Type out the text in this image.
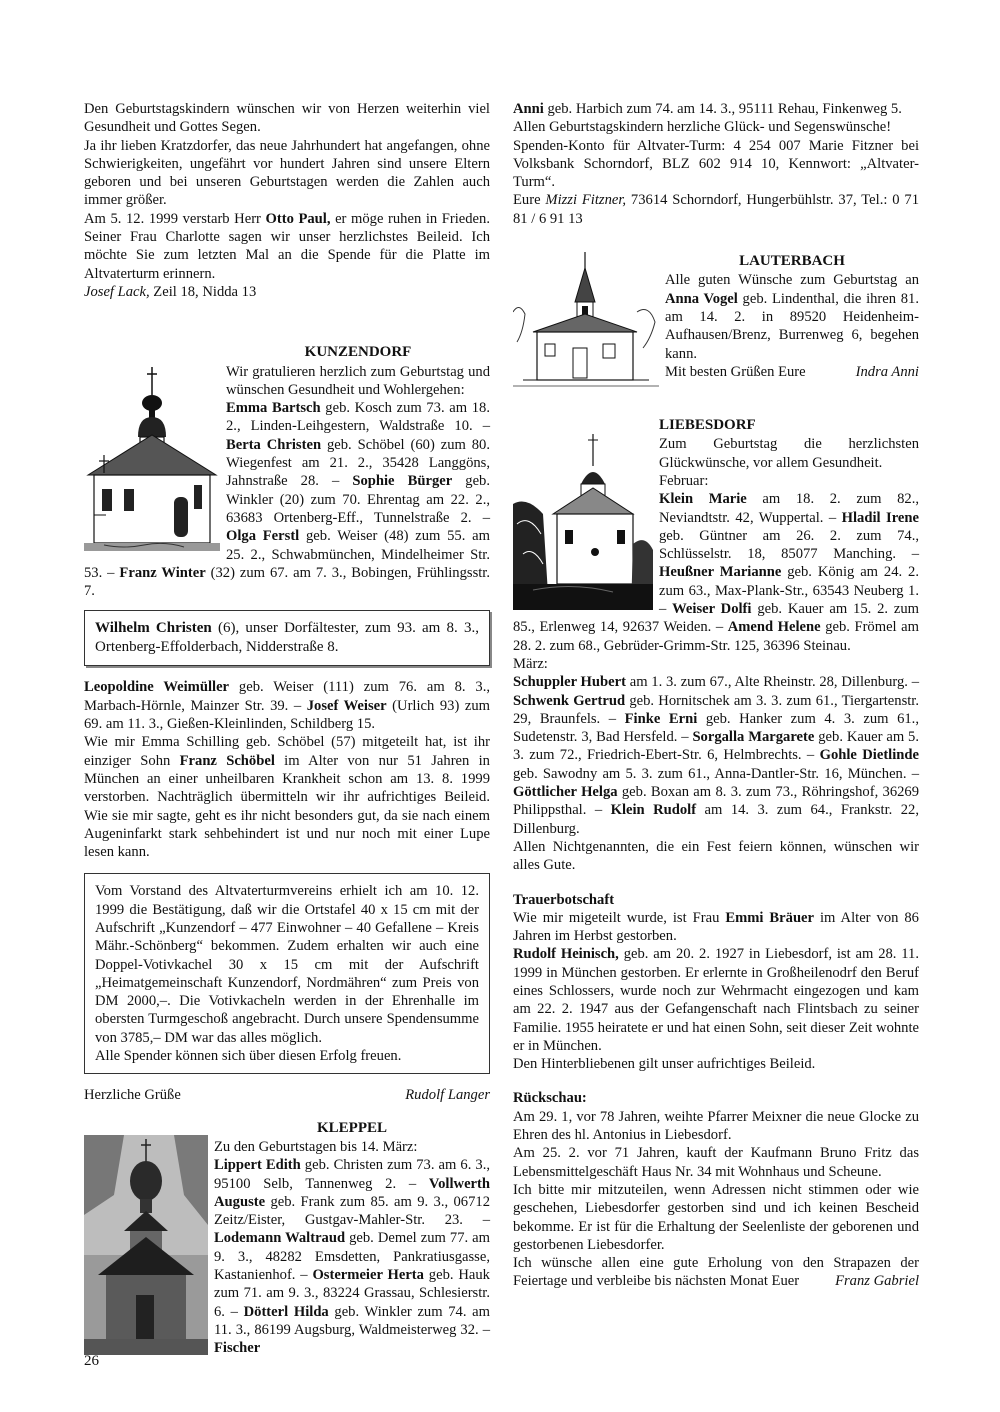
Den Geburtstagskindern wünschen wir von Herzen weiterhin viel Gesundheit und Gottes Segen.

Ja ihr lieben Kratzdorfer, das neue Jahrhundert hat angefangen, ohne Schwierigkeiten, ungefährt vor hundert Jahren sind unsere Eltern geboren und bei unseren Geburtstagen werden die Zahlen auch immer größer.

Am 5. 12. 1999 verstarb Herr Otto Paul, er möge ruhen in Frieden. Seiner Frau Charlotte sagen wir unser herzlichstes Beileid. Ich möchte Sie zum letzten Mal an die Spende für die Platte im Altvaterturm erinnern.

Josef Lack, Zeil 18, Nidda 13

KUNZENDORF

Wir gratulieren herzlich zum Geburtstag und wünschen Gesundheit und Wohlergehen:

Emma Bartsch geb. Kosch zum 73. am 18. 2., Linden-Leihgestern, Waldstraße 10. – Berta Christen geb. Schöbel (60) zum 80. Wiegenfest am 21. 2., 35428 Langgöns, Jahnstraße 28. – Sophie Bürger geb. Winkler (20) zum 70. Ehrentag am 22. 2., 63683 Ortenberg-Eff., Tunnelstraße 2. – Olga Ferstl geb. Weiser (48) zum 55. am 25. 2., Schwabmünchen, Mindelheimer Str. 53. – Franz Winter (32) zum 67. am 7. 3., Bobingen, Frühlingsstr. 7.

Wilhelm Christen (6), unser Dorfältester, zum 93. am 8. 3., Ortenberg-Effolderbach, Nidderstraße 8.

Leopoldine Weimüller geb. Weiser (111) zum 76. am 8. 3., Marbach-Hörnle, Mainzer Str. 39. – Josef Weiser (Urlich 93) zum 69. am 11. 3., Gießen-Kleinlinden, Schildberg 15.

Wie mir Emma Schilling geb. Schöbel (57) mitgeteilt hat, ist ihr einziger Sohn Franz Schöbel im Alter von nur 51 Jahren in München an einer unheilbaren Krankheit schon am 13. 8. 1999 verstorben. Nachträglich übermitteln wir ihr aufrichtiges Beileid. Wie sie mir sagte, geht es ihr nicht besonders gut, da sie nach einem Augeninfarkt stark sehbehindert ist und nur noch mit einer Lupe lesen kann.

Vom Vorstand des Altvaterturmvereins erhielt ich am 10. 12. 1999 die Bestätigung, daß wir die Ortstafel 40 x 15 cm mit der Aufschrift „Kunzendorf – 477 Einwohner – 40 Gefallene – Kreis Mähr.-Schönberg“ bekommen. Zudem erhalten wir auch eine Doppel-Votivkachel 30 x 15 cm mit der Aufschrift „Heimatgemeinschaft Kunzendorf, Nordmähren“ zum Preis von DM 2000,–. Die Votivkacheln werden in der Ehrenhalle im obersten Turmgeschoß angebracht. Durch unsere Spendensumme von 3785,– DM war das alles möglich.

Alle Spender können sich über diesen Erfolg freuen.

Herzliche Grüße	Rudolf Langer

KLEPPEL

Zu den Geburtstagen bis 14. März:

Lippert Edith geb. Christen zum 73. am 6. 3., 95100 Selb, Tannenweg 2. – Vollwerth Auguste geb. Frank zum 85. am 9. 3., 06712 Zeitz/Eister, Gustgav-Mahler-Str. 23. – Lodemann Waltraud geb. Demel zum 77. am 9. 3., 48282 Emsdetten, Pankratiusgasse, Kastanienhof. – Ostermeier Herta geb. Hauk zum 71. am 9. 3., 83224 Grassau, Schlesierstr. 6. – Dötterl Hilda geb. Winkler zum 74. am 11. 3., 86199 Augsburg, Waldmeisterweg 32. – Fischer

Anni geb. Harbich zum 74. am 14. 3., 95111 Rehau, Finkenweg 5.

Allen Geburtstagskindern herzliche Glück- und Segenswünsche!

Spenden-Konto für Altvater-Turm: 4 254 007 Marie Fitzner bei Volksbank Schorndorf, BLZ 602 914 10, Kennwort: „Altvater-Turm“.

Eure Mizzi Fitzner, 73614 Schorndorf, Hungerbühlstr. 37, Tel.: 0 71 81 / 6 91 13

LAUTERBACH

Alle guten Wünsche zum Geburtstag an Anna Vogel geb. Lindenthal, die ihren 81. am 14. 2. in 89520 Heidenheim-Aufhausen/Brenz, Burrenweg 6, begehen kann.

Mit besten Grüßen Eure	Indra Anni

LIEBESDORF

Zum Geburtstag die herzlichsten Glückwünsche, vor allem Gesundheit.

Februar:

Klein Marie am 18. 2. zum 82., Neviandtstr. 42, Wuppertal. – Hladil Irene geb. Güntner am 26. 2. zum 74., Schlüsselstr. 18, 85077 Manching. – Heußner Marianne geb. König am 24. 2. zum 63., Max-Plank-Str., 63543 Neuberg 1. – Weiser Dolfi geb. Kauer am 15. 2. zum 85., Erlenweg 14, 92637 Weiden. – Amend Helene geb. Frömel am 28. 2. zum 68., Gebrüder-Grimm-Str. 125, 36396 Steinau.

März:

Schuppler Hubert am 1. 3. zum 67., Alte Rheinstr. 28, Dillenburg. – Schwenk Gertrud geb. Hornitschek am 3. 3. zum 61., Tiergartenstr. 29, Braunfels. – Finke Erni geb. Hanker zum 4. 3. zum 61., Sudetenstr. 3, Bad Hersfeld. – Sorgalla Margarete geb. Kauer am 5. 3. zum 72., Friedrich-Ebert-Str. 6, Helmbrechts. – Gohle Dietlinde geb. Sawodny am 5. 3. zum 61., Anna-Dantler-Str. 16, München. – Göttlicher Helga geb. Boxan am 8. 3. zum 73., Röhringshof, 36269 Philippsthal. – Klein Rudolf am 14. 3. zum 64., Frankstr. 22, Dillenburg.

Allen Nichtgenannten, die ein Fest feiern können, wünschen wir alles Gute.

Trauerbotschaft

Wie mir migeteilt wurde, ist Frau Emmi Bräuer im Alter von 86 Jahren im Herbst gestorben.

Rudolf Heinisch, geb. am 20. 2. 1927 in Liebesdorf, ist am 28. 11. 1999 in München gestorben. Er erlernte in Großheilenodrf den Beruf eines Schlossers, wurde noch zur Wehrmacht eingezogen und kam am 22. 2. 1947 aus der Gefangenschaft nach Flintsbach zu seiner Familie. 1955 heiratete er und hat einen Sohn, seit dieser Zeit wohnte er in München.

Den Hinterbliebenen gilt unser aufrichtiges Beileid.

Rückschau:

Am 29. 1, vor 78 Jahren, weihte Pfarrer Meixner die neue Glocke zu Ehren des hl. Antonius in Liebesdorf.

Am 25. 2. vor 71 Jahren, kauft der Kaufmann Bruno Fritz das Lebensmittelgeschäft Haus Nr. 34 mit Wohnhaus und Scheune.

Ich bitte mir mitzuteilen, wenn Adressen nicht stimmen oder wie geschehen, Liebesdorfer gestorben sind und ich keinen Bescheid bekomme. Er ist für die Erhaltung der Seelenliste der geborenen und gestorbenen Liebesdorfer.

Ich wünsche allen eine gute Erholung von den Strapazen der Feiertage und verbleibe bis nächsten Monat Euer Franz Gabriel

26
